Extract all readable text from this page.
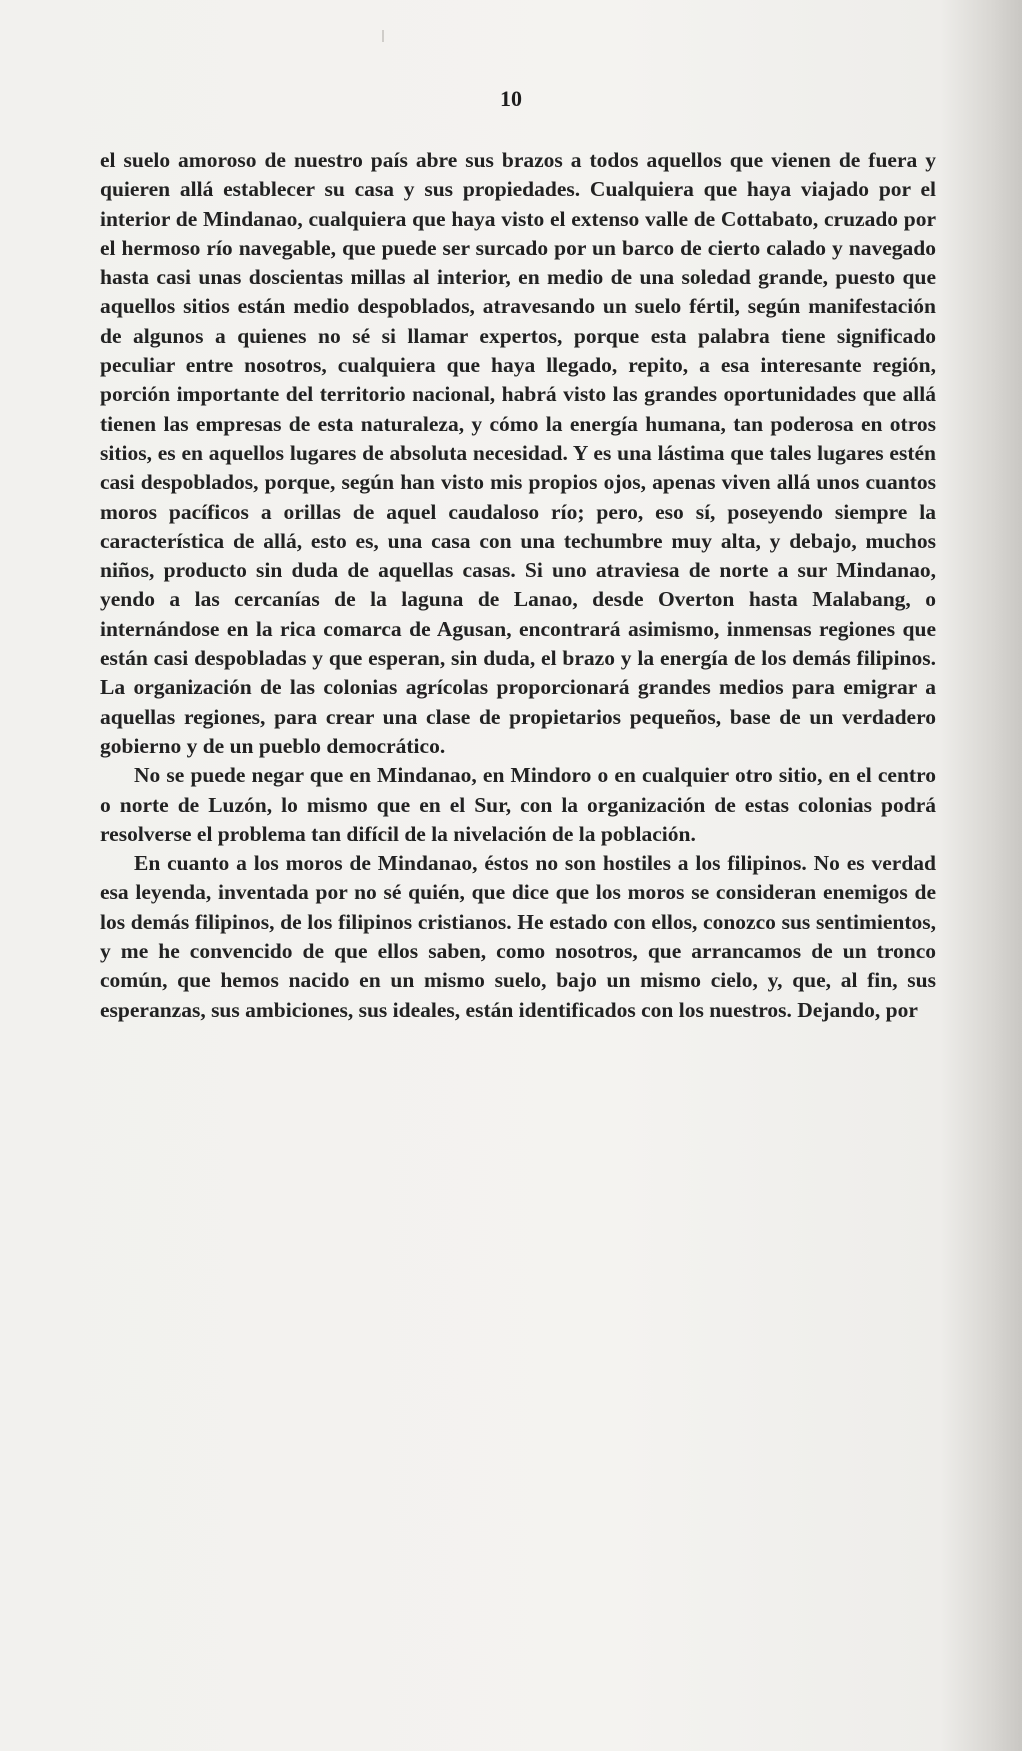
10

el suelo amoroso de nuestro país abre sus brazos a todos aquellos que vienen de fuera y quieren allá establecer su casa y sus propiedades. Cualquiera que haya viajado por el interior de Mindanao, cualquiera que haya visto el extenso valle de Cottabato, cruzado por el hermoso río navegable, que puede ser surcado por un barco de cierto calado y navegado hasta casi unas doscientas millas al interior, en medio de una soledad grande, puesto que aquellos sitios están medio despoblados, atravesando un suelo fértil, según manifestación de algunos a quienes no sé si llamar expertos, porque esta palabra tiene significado peculiar entre nosotros, cualquiera que haya llegado, repito, a esa interesante región, porción importante del territorio nacional, habrá visto las grandes oportunidades que allá tienen las empresas de esta naturaleza, y cómo la energía humana, tan poderosa en otros sitios, es en aquellos lugares de absoluta necesidad. Y es una lástima que tales lugares estén casi despoblados, porque, según han visto mis propios ojos, apenas viven allá unos cuantos moros pacíficos a orillas de aquel caudaloso río; pero, eso sí, poseyendo siempre la característica de allá, esto es, una casa con una techumbre muy alta, y debajo, muchos niños, producto sin duda de aquellas casas. Si uno atraviesa de norte a sur Mindanao, yendo a las cercanías de la laguna de Lanao, desde Overton hasta Malabang, o internándose en la rica comarca de Agusan, encontrará asimismo, inmensas regiones que están casi despobladas y que esperan, sin duda, el brazo y la energía de los demás filipinos. La organización de las colonias agrícolas proporcionará grandes medios para emigrar a aquellas regiones, para crear una clase de propietarios pequeños, base de un verdadero gobierno y de un pueblo democrático.

No se puede negar que en Mindanao, en Mindoro o en cualquier otro sitio, en el centro o norte de Luzón, lo mismo que en el Sur, con la organización de estas colonias podrá resolverse el problema tan difícil de la nivelación de la población.

En cuanto a los moros de Mindanao, éstos no son hostiles a los filipinos. No es verdad esa leyenda, inventada por no sé quién, que dice que los moros se consideran enemigos de los demás filipinos, de los filipinos cristianos. He estado con ellos, conozco sus sentimientos, y me he convencido de que ellos saben, como nosotros, que arrancamos de un tronco común, que hemos nacido en un mismo suelo, bajo un mismo cielo, y, que, al fin, sus esperanzas, sus ambiciones, sus ideales, están identificados con los nuestros. Dejando, por
